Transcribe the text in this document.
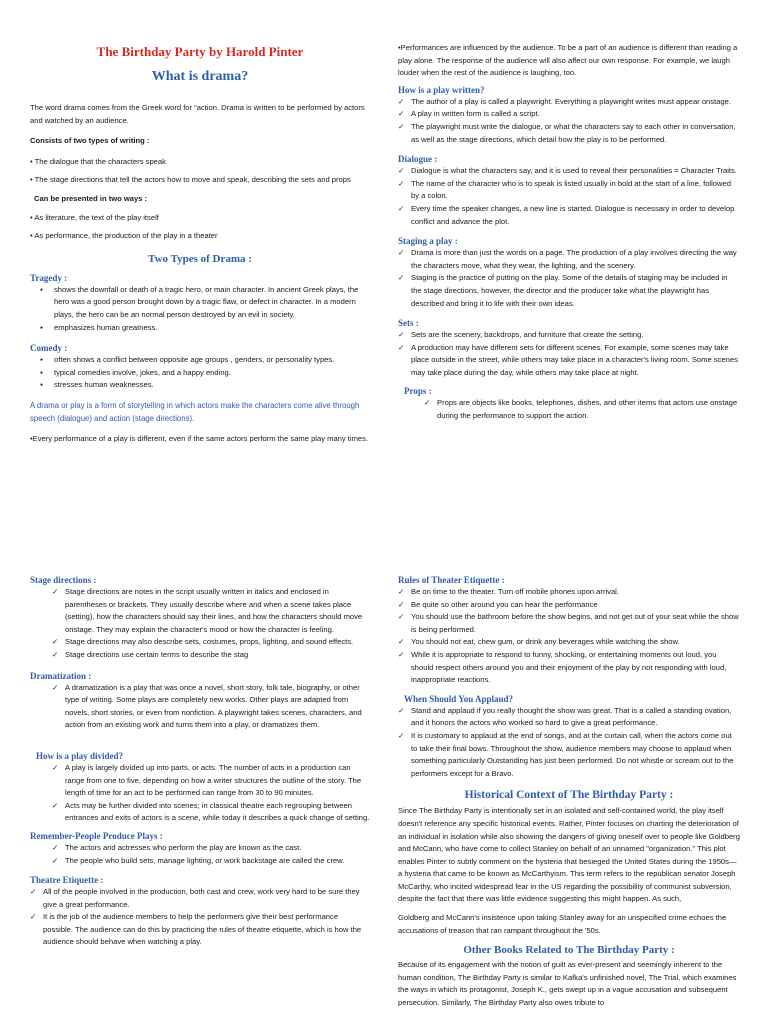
The Birthday Party by Harold Pinter
What is drama?

The word drama comes from the Greek word for “action. Drama is written to be performed by actors and watched by an audience.

Consists of two types of writing :

• The dialogue that the characters speak

• The stage directions that tell the actors how to move and speak, describing the sets and props

Can be presented in two ways :

• As literature, the text of the play itself

• As performance, the production of the play in a theater

Two Types of Drama :

Tragedy :

● shows the downfall or death of a tragic hero, or main character. In ancient Greek plays, the hero was a good person brought down by a tragic flaw, or defect in character. In a modern plays, the hero can be an normal person destroyed by an evil in society.
● emphasizes human greatness.

Comedy :

● often shows a conflict between opposite age groups , genders, or personality types.
● typical comedies involve, jokes, and a happy ending.
● stresses human weaknesses.

A drama or play is a form of storytelling in which actors make the characters come alive through speech (dialogue) and action (stage directions).

•Every performance of a play is different, even if the same actors perform the same play many times.

•Performances are influenced by the audience. To be a part of an audience is different than reading a play alone. The response of the audience will also affect our own response. For example, we laugh louder when the rest of the audience is laughing, too.

How is a play written?

✓ The author of a play is called a playwright. Everything a playwright writes must appear onstage.
✓ A play in written form is called a script.
✓ The playwright must write the dialogue, or what the characters say to each other in conversation, as well as the stage directions, which detail how the play is to be performed.

Dialogue :

✓ Dialogue is what the characters say, and it is used to reveal their personalities = Character Traits.
✓ The name of the character who is to speak is listed usually in bold at the start of a line, followed by a colon.
✓ Every time the speaker changes, a new line is started. Dialogue is necessary in order to develop conflict and advance the plot.

Staging a play :

✓ Drama is more than just the words on a page. The production of a play involves directing the way the characters move, what they wear, the lighting, and the scenery.
✓ Staging is the practice of putting on the play. Some of the details of staging may be included in the stage directions, however, the director and the producer take what the playwright has described and bring it to life with their own ideas.

Sets :

✓ Sets are the scenery, backdrops, and furniture that create the setting.
✓ A production may have different sets for different scenes. For example, some scenes may take place outside in the street, while others may take place in a character's living room. Some scenes may take place during the day, while others may take place at night.

Props :

✓ Props are objects like books, telephones, dishes, and other items that actors use onstage during the performance to support the action.

Stage directions :

✓ Stage directions are notes in the script usually written in italics and enclosed in parentheses or brackets. They usually describe where and when a scene takes place (setting), how the characters should say their lines, and how the characters should move onstage. They may explain the character's mood or how the character is feeling.
✓ Stage directions may also describe sets, costumes, props, lighting, and sound effects.
✓ Stage directions use certain terms to describe the stag

Dramatization :

✓ A dramatization is a play that was once a novel, short story, folk tale, biography, or other type of writing. Some plays are completely new works. Other plays are adapted from novels, short stories, or even from nonfiction. A playwright takes scenes, characters, and action from an existing work and turns them into a play, or dramatizes them.

How is a play divided?

✓ A play is largely divided up into parts, or acts. The number of acts in a production can range from one to five, depending on how a writer structures the outline of the story. The length of time for an act to be performed can range from 30 to 90 minutes.
✓ Acts may be further divided into scenes; in classical theatre each regrouping between entrances and exits of actors is a scene, while today it describes a quick change of setting.

Remember-People Produce Plays :

✓ The actors and actresses who perform the play are known as the cast.
✓ The people who build sets, manage lighting, or work backstage are called the crew.

Theatre Etiquette :

✓ All of the people involved in the production, both cast and crew, work very hard to be sure they give a great performance.
✓ It is the job of the audience members to help the performers give their best performance possible. The audience can do this by practicing the rules of theatre etiquette, which is how the audience should behave when watching a play.

Rules of Theater Etiquette :

✓ Be on time to the theater. Turn off mobile phones upon arrival.
✓ Be quite so other around you can hear the performance
✓ You should use the bathroom before the show begins, and not get out of your seat while the show is being performed.
✓ You should not eat, chew gum, or drink any beverages while watching the show.
✓ While it is appropriate to respond to funny, shocking, or entertaining moments out loud, you should respect others around you and their enjoyment of the play by not responding with loud, inappropriate reactions.

When Should You Applaud?

✓ Stand and applaud if you really thought the show was great. That is a called a standing ovation, and it honors the actors who worked so hard to give a great performance.
✓ It is customary to applaud at the end of songs, and at the curtain call, when the actors come out to take their final bows. Throughout the show, audience members may choose to applaud when something particularly Outstanding has just been performed. Do not whistle or scream out to the performers except for a Bravo.
Historical Context of The Birthday Party :

Since The Birthday Party is intentionally set in an isolated and self-contained world, the play itself doesn't reference any specific historical events. Rather, Pinter focuses on charting the deterioration of an individual in isolation while also showing the dangers of giving oneself over to people like Goldberg and McCann, who have come to collect Stanley on behalf of an unnamed "organization." This plot enables Pinter to subtly comment on the hysteria that besieged the United States during the 1950s—a hysteria that came to be known as McCarthyism. This term refers to the republican senator Joseph McCarthy, who incited widespread fear in the US regarding the possibility of communist subversion, despite the fact that there was little evidence suggesting this might happen. As such,

Goldberg and McCann's insistence upon taking Stanley away for an unspecified crime echoes the accusations of treason that ran rampant throughout the '50s.

Other Books Related to The Birthday Party :

Because of its engagement with the notion of guilt as ever-present and seemingly inherent to the human condition, The Birthday Party is similar to Kafka's unfinished novel, The Trial, which examines the ways in which its protagonist, Joseph K., gets swept up in a vague accusation and subsequent persecution. Similarly, The Birthday Party also owes tribute to
